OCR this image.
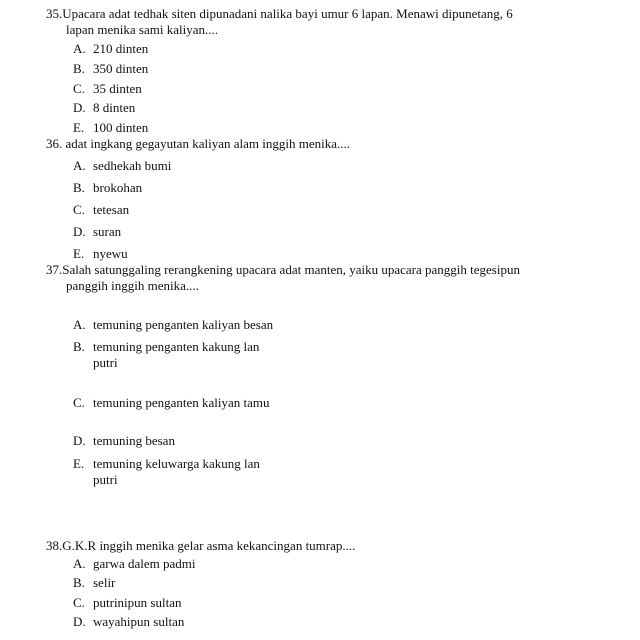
35.Upacara adat tedhak siten dipunadani nalika bayi umur 6 lapan. Menawi dipunetang, 6
lapan menika sami kaliyan....
A. 210 dinten
B. 350 dinten
C. 35 dinten
D. 8 dinten
E. 100 dinten
36. adat ingkang gegayutan kaliyan alam inggih menika....
A. sedhekah bumi
B. brokohan
C. tetesan
D. suran
E. nyewu
37.Salah satunggaling rerangkening upacara adat manten, yaiku upacara panggih tegesipun
panggih inggih menika....
A. temuning penganten kaliyan besan
B. temuning penganten kakung lan
putri
C. temuning penganten kaliyan tamu
D. temuning besan
E. temuning keluwarga kakung lan
putri
38.G.K.R inggih menika gelar asma kekancingan tumrap....
A. garwa dalem padmi
B. selir
C. putrinipun sultan
D. wayahipun sultan
